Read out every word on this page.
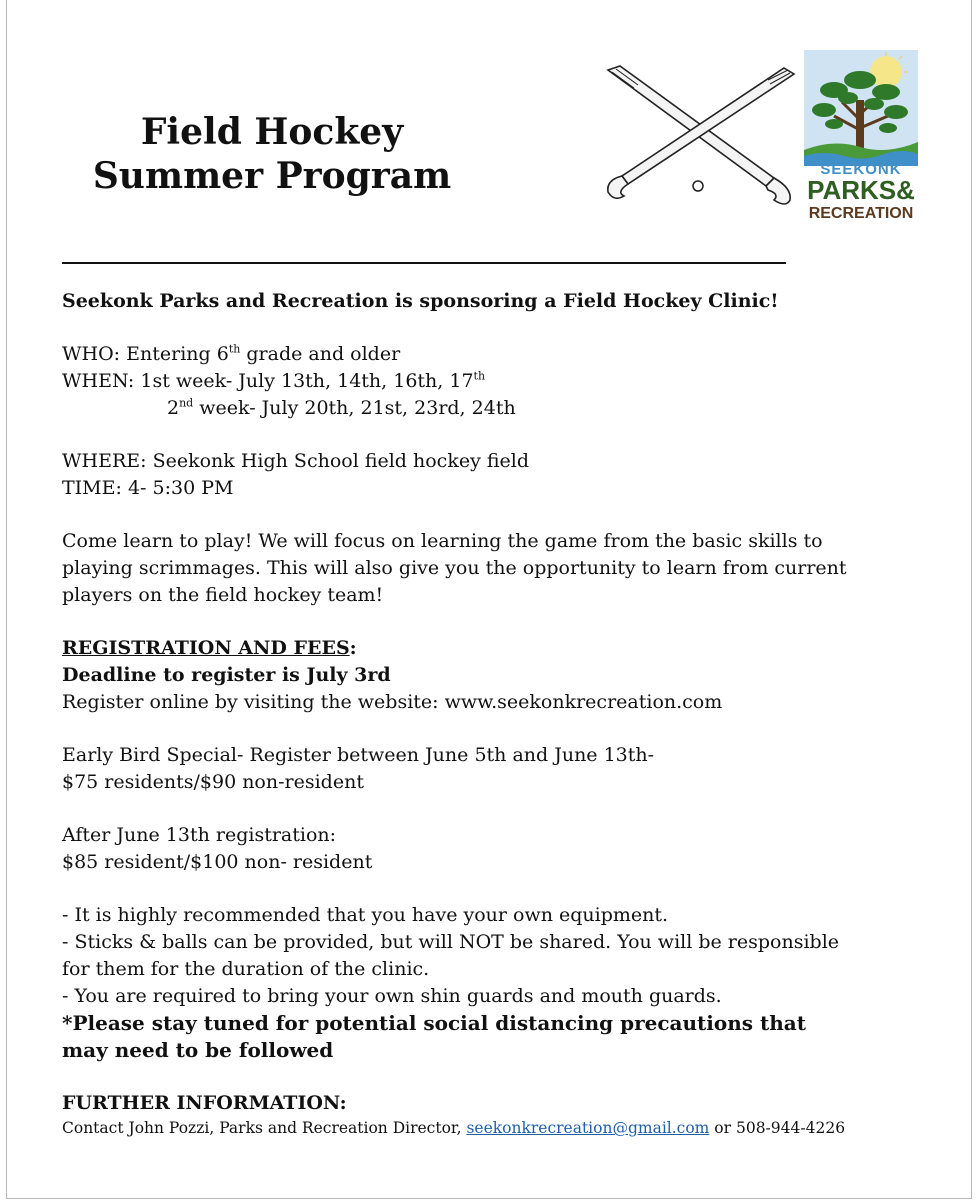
Field Hockey
Summer Program	SEEKONK
PARKS&
RECREATION

Seekonk Parks and Recreation is sponsoring a Field Hockey Clinic!

WHO: Entering 6th grade and older

WHEN: 1st week- July 13th, 14th, 16th, 17th

2nd week- July 20th, 21st, 23rd, 24th

WHERE: Seekonk High School field hockey field

TIME: 4- 5:30 PM

Come learn to play! We will focus on learning the game from the basic skills to

playing scrimmages. This will also give you the opportunity to learn from current

players on the field hockey team!

REGISTRATION AND FEES:

Deadline to register is July 3rd

Register online by visiting the website: www.seekonkrecreation.com

Early Bird Special- Register between June 5th and June 13th-

$75 residents/$90 non-resident

After June 13th registration:

$85 resident/$100 non- resident

- It is highly recommended that you have your own equipment.

- Sticks & balls can be provided, but will NOT be shared. You will be responsible

for them for the duration of the clinic.

- You are required to bring your own shin guards and mouth guards.

*Please stay tuned for potential social distancing precautions that

may need to be followed

FURTHER INFORMATION:

Contact John Pozzi, Parks and Recreation Director, seekonkrecreation@gmail.com or 508-944-4226
